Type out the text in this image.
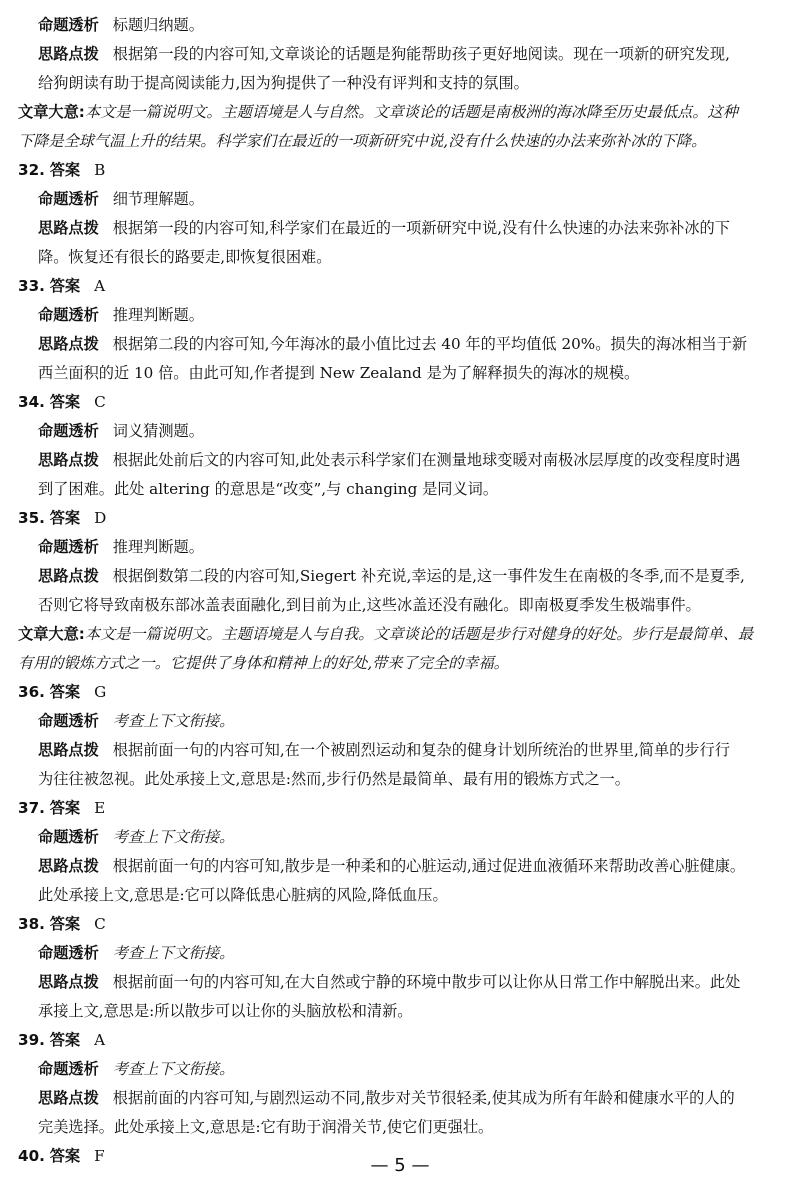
命题透析 标题归纳题。
思路点拨 根据第一段的内容可知,文章谈论的话题是狗能帮助孩子更好地阅读。现在一项新的研究发现,
给狗朗读有助于提高阅读能力,因为狗提供了一种没有评判和支持的氛围。
文章大意:本文是一篇说明文。主题语境是人与自然。文章谈论的话题是南极洲的海冰降至历史最低点。这种
下降是全球气温上升的结果。科学家们在最近的一项新研究中说,没有什么快速的办法来弥补冰的下降。
32. 答案 B
命题透析 细节理解题。
思路点拨 根据第一段的内容可知,科学家们在最近的一项新研究中说,没有什么快速的办法来弥补冰的下
降。恢复还有很长的路要走,即恢复很困难。
33. 答案 A
命题透析 推理判断题。
思路点拨 根据第二段的内容可知,今年海冰的最小值比过去 40 年的平均值低 20%。损失的海冰相当于新
西兰面积的近 10 倍。由此可知,作者提到 New Zealand 是为了解释损失的海冰的规模。
34. 答案 C
命题透析 词义猜测题。
思路点拨 根据此处前后文的内容可知,此处表示科学家们在测量地球变暖对南极冰层厚度的改变程度时遇
到了困难。此处 altering 的意思是“改变”,与 changing 是同义词。
35. 答案 D
命题透析 推理判断题。
思路点拨 根据倒数第二段的内容可知,Siegert 补充说,幸运的是,这一事件发生在南极的冬季,而不是夏季,
否则它将导致南极东部冰盖表面融化,到目前为止,这些冰盖还没有融化。即南极夏季发生极端事件。
文章大意:本文是一篇说明文。主题语境是人与自我。文章谈论的话题是步行对健身的好处。步行是最简单、最
有用的锻炼方式之一。它提供了身体和精神上的好处,带来了完全的幸福。
36. 答案 G
命题透析 考查上下文衔接。
思路点拨 根据前面一句的内容可知,在一个被剧烈运动和复杂的健身计划所统治的世界里,简单的步行行
为往往被忽视。此处承接上文,意思是:然而,步行仍然是最简单、最有用的锻炼方式之一。
37. 答案 E
命题透析 考查上下文衔接。
思路点拨 根据前面一句的内容可知,散步是一种柔和的心脏运动,通过促进血液循环来帮助改善心脏健康。
此处承接上文,意思是:它可以降低患心脏病的风险,降低血压。
38. 答案 C
命题透析 考查上下文衔接。
思路点拨 根据前面一句的内容可知,在大自然或宁静的环境中散步可以让你从日常工作中解脱出来。此处
承接上文,意思是:所以散步可以让你的头脑放松和清新。
39. 答案 A
命题透析 考查上下文衔接。
思路点拨 根据前面的内容可知,与剧烈运动不同,散步对关节很轻柔,使其成为所有年龄和健康水平的人的
完美选择。此处承接上文,意思是:它有助于润滑关节,使它们更强壮。
40. 答案 F	— 5 —
